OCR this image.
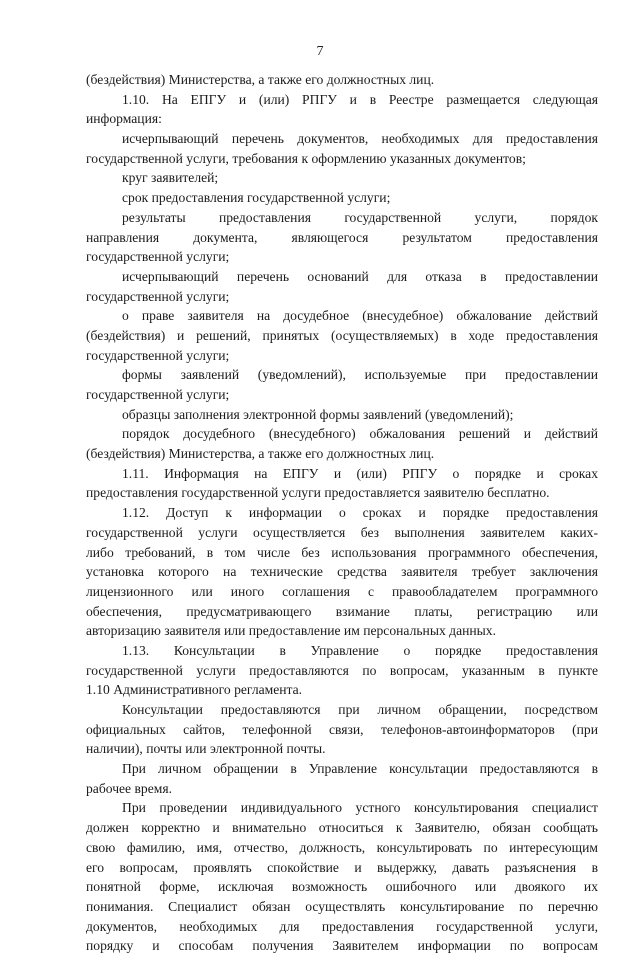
7
(бездействия) Министерства, а также его должностных лиц.
1.10. На ЕПГУ и (или) РПГУ и в Реестре размещается следующая
информация:
исчерпывающий перечень документов, необходимых для предоставления
государственной услуги, требования к оформлению указанных документов;
круг заявителей;
срок предоставления государственной услуги;
результаты предоставления государственной услуги, порядок
направления документа, являющегося результатом предоставления
государственной услуги;
исчерпывающий перечень оснований для отказа в предоставлении
государственной услуги;
о праве заявителя на досудебное (внесудебное) обжалование действий
(бездействия) и решений, принятых (осуществляемых) в ходе предоставления
государственной услуги;
формы заявлений (уведомлений), используемые при предоставлении
государственной услуги;
образцы заполнения электронной формы заявлений (уведомлений);
порядок досудебного (внесудебного) обжалования решений и действий
(бездействия) Министерства, а также его должностных лиц.
1.11. Информация на ЕПГУ и (или) РПГУ о порядке и сроках
предоставления государственной услуги предоставляется заявителю бесплатно.
1.12. Доступ к информации о сроках и порядке предоставления
государственной услуги осуществляется без выполнения заявителем каких-
либо требований, в том числе без использования программного обеспечения,
установка которого на технические средства заявителя требует заключения
лицензионного или иного соглашения с правообладателем программного
обеспечения, предусматривающего взимание платы, регистрацию или
авторизацию заявителя или предоставление им персональных данных.
1.13. Консультации в Управление о порядке предоставления
государственной услуги предоставляются по вопросам, указанным в пункте
1.10 Административного регламента.
Консультации предоставляются при личном обращении, посредством
официальных сайтов, телефонной связи, телефонов-автоинформаторов (при
наличии), почты или электронной почты.
При личном обращении в Управление консультации предоставляются в
рабочее время.
При проведении индивидуального устного консультирования специалист
должен корректно и внимательно относиться к Заявителю, обязан сообщать
свою фамилию, имя, отчество, должность, консультировать по интересующим
его вопросам, проявлять спокойствие и выдержку, давать разъяснения в
понятной форме, исключая возможность ошибочного или двоякого их
понимания. Специалист обязан осуществлять консультирование по перечню
документов, необходимых для предоставления государственной услуги,
порядку и способам получения Заявителем информации по вопросам
